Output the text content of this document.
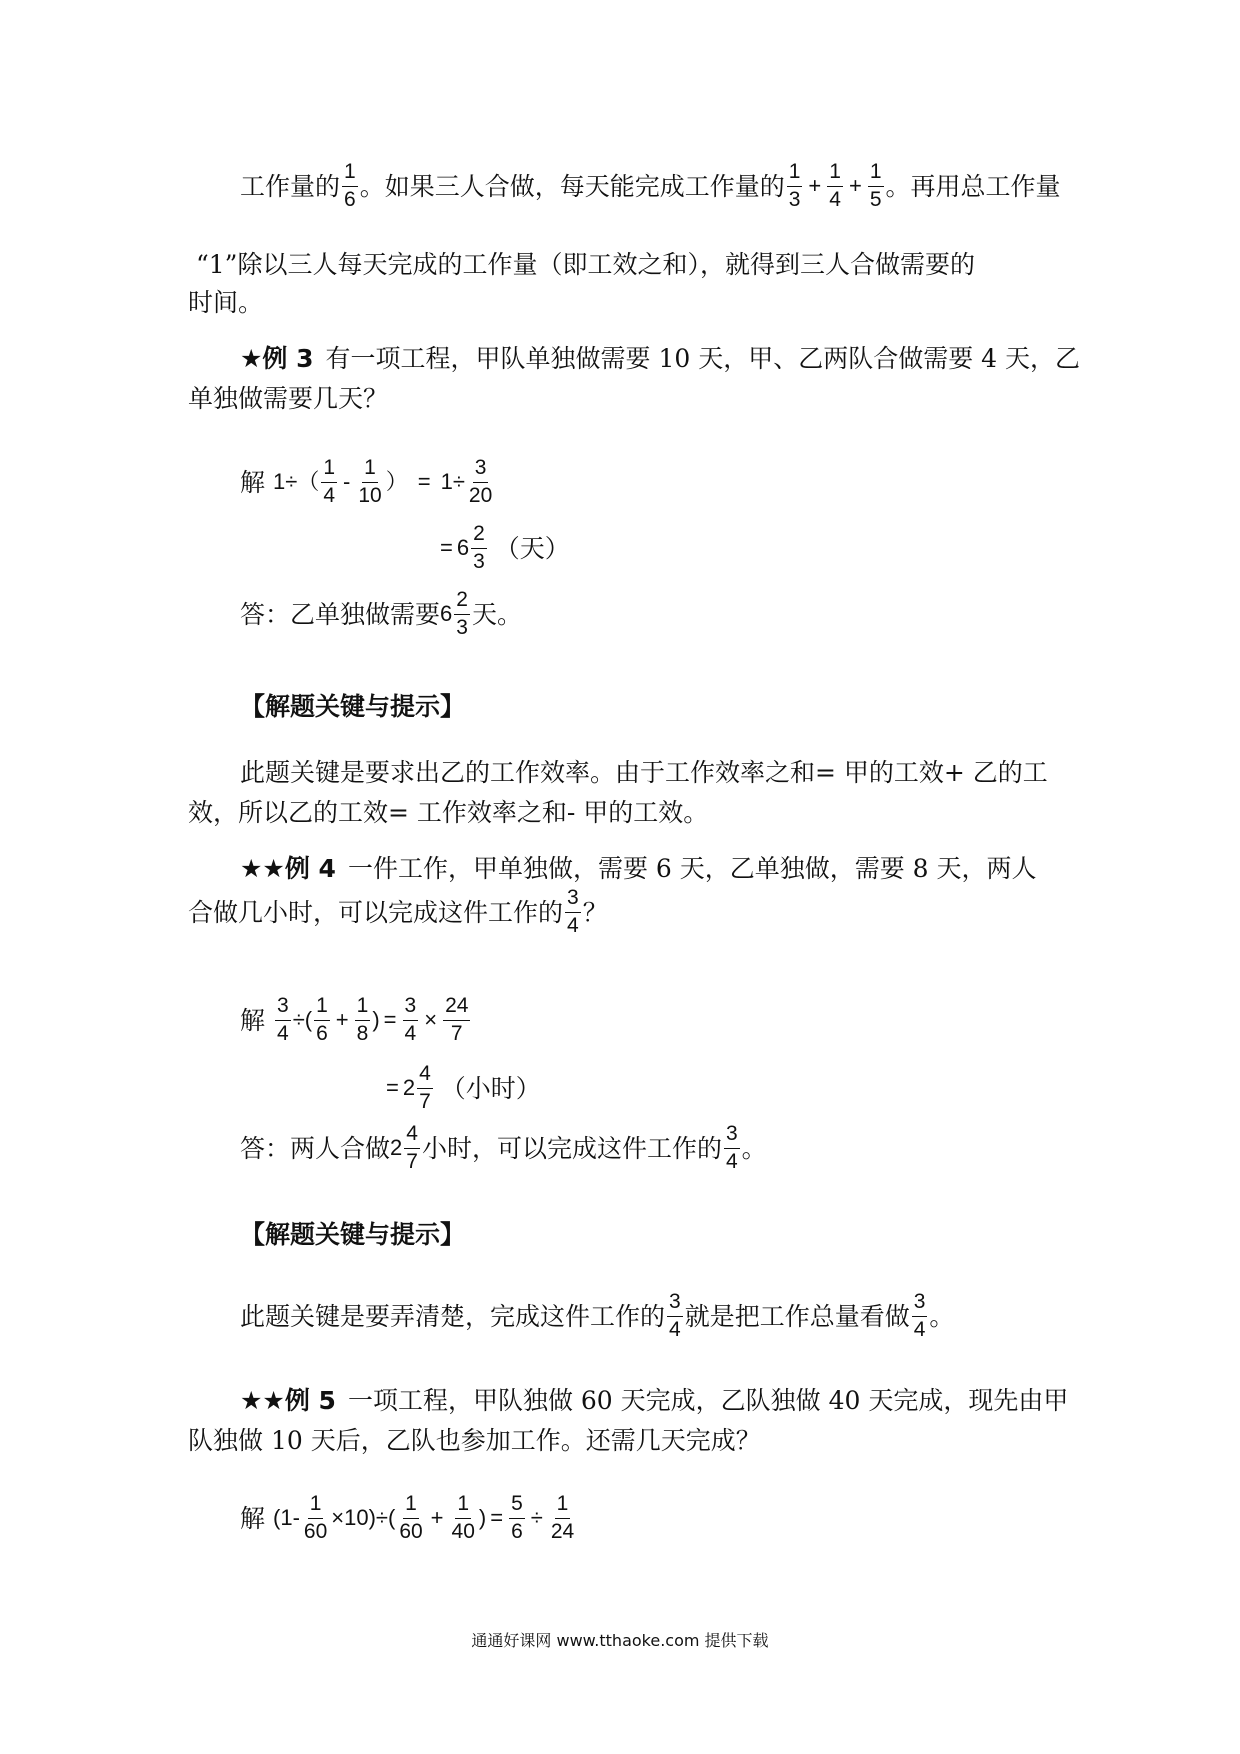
工作量的 $\frac{1}{6}$ 。如果三人合做，每天能完成工作量的 $\frac{1}{3} + \frac{1}{4} + \frac{1}{5}$ 。再用总工作量
“1”除以三人每天完成的工作量（即工效之和），就得到三人合做需要的
时间。
★例 3 有一项工程，甲队单独做需要 10 天，甲、乙两队合做需要 4 天，乙
单独做需要几天？
解 $1\div( \frac{1}{4} - \frac{1}{10}$ ） = $1\div \frac{3}{20}$
= $6 \frac{2}{3}$ （天）
答：乙单独做需要 $6 \frac{2}{3}$ 天。
【解题关键与提示】
此题关键是要求出乙的工作效率。由于工作效率之和= 甲的工效+ 乙的工
效，所以乙的工效= 工作效率之和- 甲的工效。
★★例 4 一件工作，甲单独做，需要 6 天，乙单独做，需要 8 天，两人
合做几小时，可以完成这件工作的 $\frac{3}{4}$ ？
解 $\frac{3}{4}$ ÷( $\frac{1}{6} + \frac{1}{8}$ ) = $\frac{3}{4} \times \frac{24}{7}$
= $2 \frac{4}{7}$ （小时）
答：两人合做 $2 \frac{4}{7}$ 小时，可以完成这件工作的 $\frac{3}{4}$ 。
【解题关键与提示】
此题关键是要弄清楚，完成这件工作的 $\frac{3}{4}$ 就是把工作总量看做 $\frac{3}{4}$ 。
★★例 5 一项工程，甲队独做 60 天完成，乙队独做 40 天完成，现先由甲
队独做 10 天后，乙队也参加工作。还需几天完成？
解 $(1- \frac{1}{60} \times 10)\div( \frac{1}{60} + \frac{1}{40}$ ) = $\frac{5}{6} \div \frac{1}{24}$
通通好课网 www.tthaoke.com 提供下载
